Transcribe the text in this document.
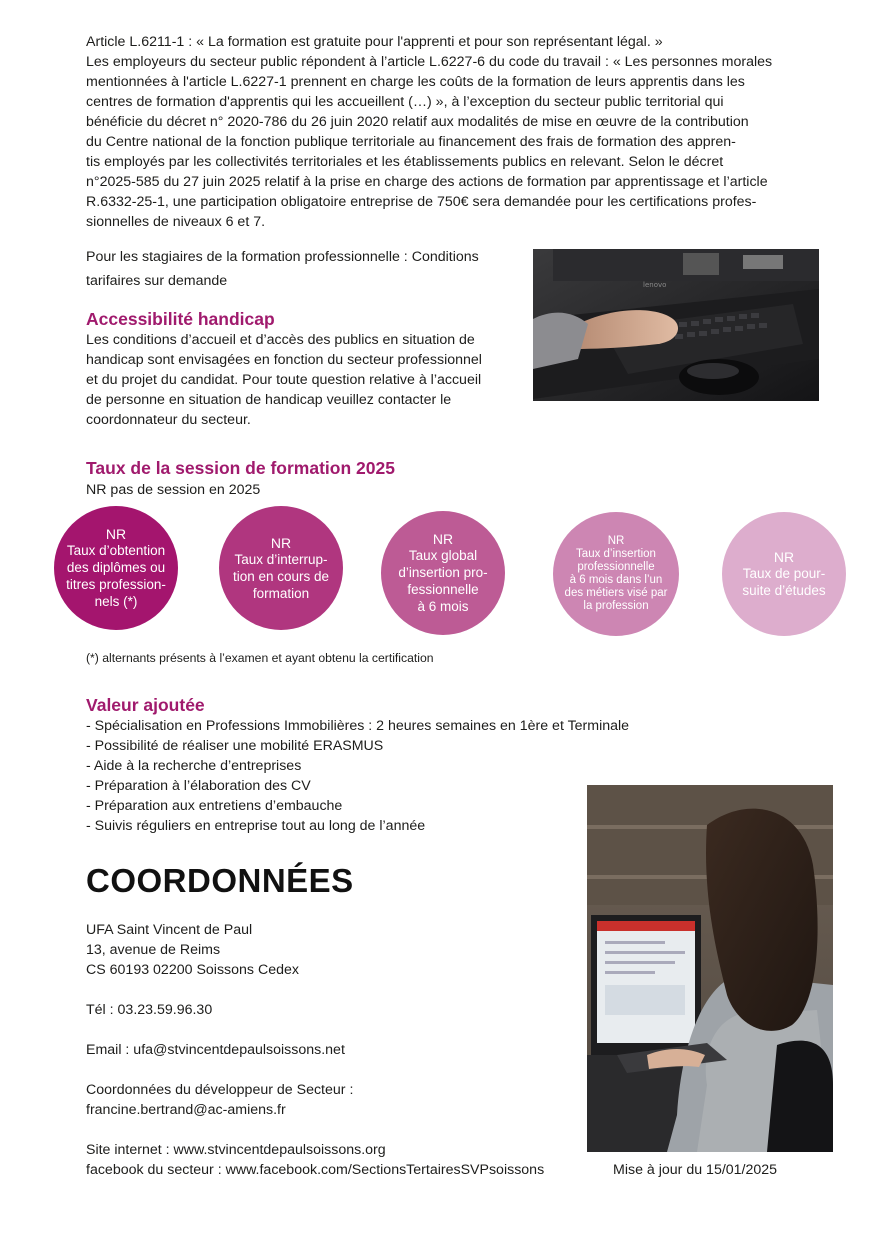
Article L.6211-1 : « La formation est gratuite pour l'apprenti et pour son représentant légal. »
Les employeurs du secteur public répondent à l’article L.6227-6 du code du travail : « Les personnes morales
mentionnées à l'article L.6227-1 prennent en charge les coûts de la formation de leurs apprentis dans les
centres de formation d'apprentis qui les accueillent (…) », à l’exception du secteur public territorial qui
bénéficie du décret n° 2020-786 du 26 juin 2020 relatif aux modalités de mise en œuvre de la contribution
du Centre national de la fonction publique territoriale au financement des frais de formation des appren-
tis employés par les collectivités territoriales et les établissements publics en relevant. Selon le décret
n°2025-585 du 27 juin 2025 relatif à la prise en charge des actions de formation par apprentissage et l’article
R.6332-25-1, une participation obligatoire entreprise de 750€ sera demandée pour les certifications profes-
sionnelles de niveaux 6 et 7.
Pour les stagiaires de la formation professionnelle : Conditions
tarifaires sur demande	lenovo
Accessibilité handicap
Les conditions d’accueil et d’accès des publics en situation de
handicap sont envisagées en fonction du secteur professionnel
et du projet du candidat. Pour toute question relative à l’accueil
de personne en situation de handicap veuillez contacter le
coordonnateur du secteur.
Taux de la session de formation 2025
NR pas de session en 2025
NR
Taux d’obtention
des diplômes ou
titres profession-
nels (*)
NR
Taux d’interrup-
tion en cours de
formation
NR
Taux global
d’insertion pro-
fessionnelle
à 6 mois
NR
Taux d’insertion
professionnelle
à 6 mois dans l’un
des métiers visé par
la profession
NR
Taux de pour-
suite d’études
(*) alternants présents à l’examen et ayant obtenu la certification
Valeur ajoutée
- Spécialisation en Professions Immobilières : 2 heures semaines en 1ère et Terminale
- Possibilité de réaliser une mobilité ERASMUS
- Aide à la recherche d’entreprises
- Préparation à l’élaboration des CV
- Préparation aux entretiens d’embauche
- Suivis réguliers en entreprise tout au long de l’année
COORDONNÉES
UFA Saint Vincent de Paul
13, avenue de Reims
CS 60193 02200 Soissons Cedex
Tél : 03.23.59.96.30
Email : ufa@stvincentdepaulsoissons.net
Coordonnées du développeur de Secteur :
francine.bertrand@ac-amiens.fr
Site internet : www.stvincentdepaulsoissons.org
facebook du secteur : www.facebook.com/SectionsTertairesSVPsoissons	Mise à jour du 15/01/2025
